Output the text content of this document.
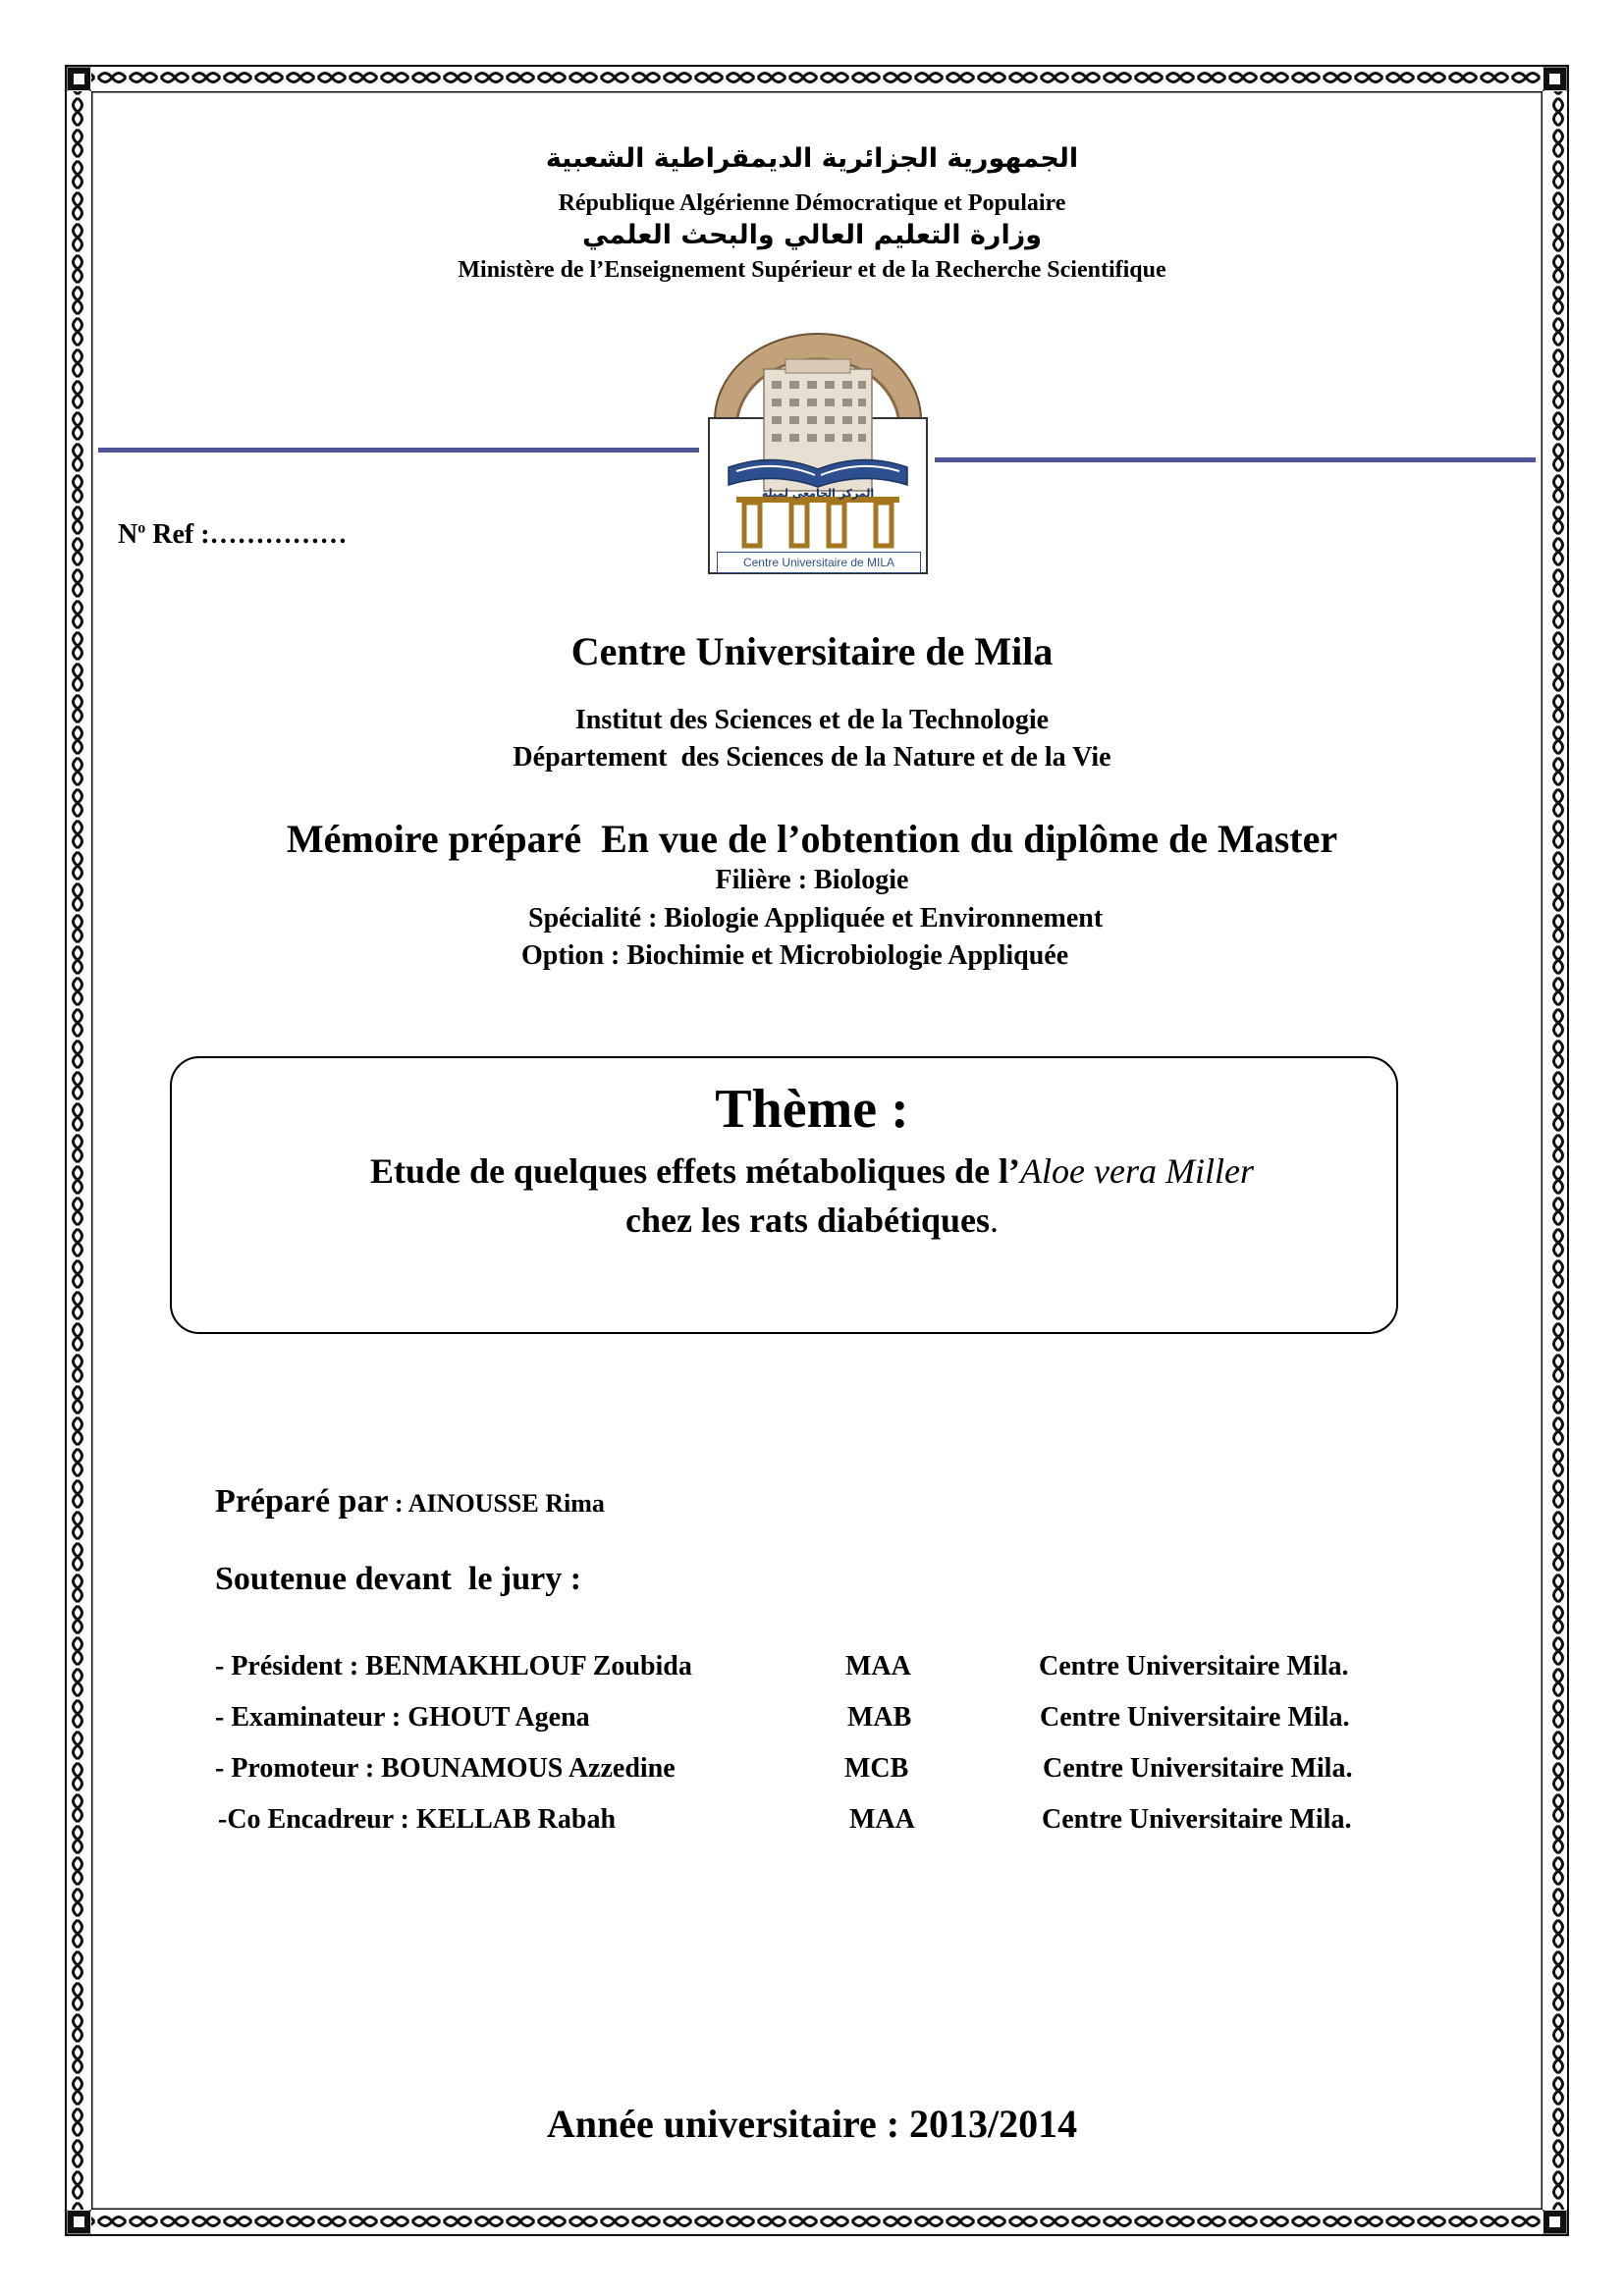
الجمهورية الجزائرية الديمقراطية الشعبية
République Algérienne Démocratique et Populaire
وزارة التعليم العالي والبحث العلمي
Ministère de l’Enseignement Supérieur et de la Recherche Scientifique
المركز الجامعي لميلة
Centre Universitaire de MILA
$N^o$ Ref :……………
Centre Universitaire de Mila
Institut des Sciences et de la Technologie
Département  des Sciences de la Nature et de la Vie
Mémoire préparé  En vue de l’obtention du diplôme de Master
Filière : Biologie
Spécialité : Biologie Appliquée et Environnement
Option : Biochimie et Microbiologie Appliquée
Thème :
Etude de quelques effets métaboliques de l’Aloe vera Miller
chez les rats diabétiques.
Préparé par : AINOUSSE Rima
Soutenue devant  le jury :
- Président : BENMAKHLOUF Zoubida	MAA	Centre Universitaire Mila.
- Examinateur : GHOUT Agena	MAB	Centre Universitaire Mila.
- Promoteur : BOUNAMOUS Azzedine	MCB	Centre Universitaire Mila.
-Co Encadreur : KELLAB Rabah	MAA	Centre Universitaire Mila.
Année universitaire : 2013/2014
